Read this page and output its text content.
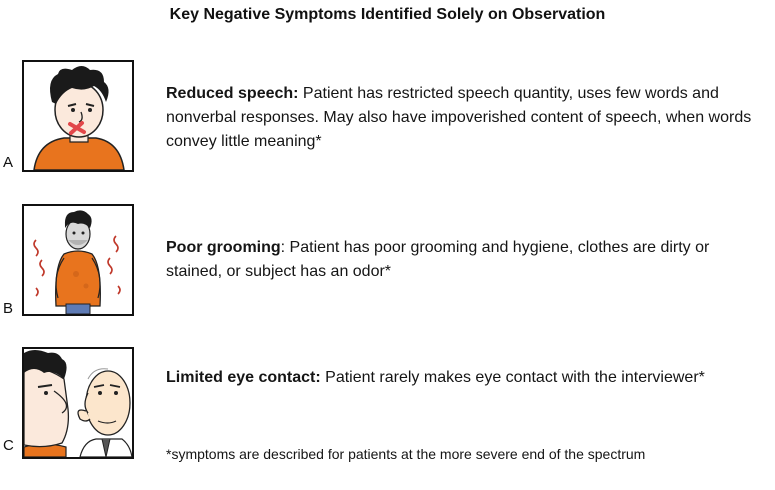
Key Negative Symptoms Identified Solely on Observation
A
Reduced speech: Patient has restricted speech quantity, uses few words and nonverbal responses. May also have impoverished content of speech, when words convey little meaning*
B
Poor grooming: Patient has poor grooming and hygiene, clothes are dirty or stained, or subject has an odor*
C
Limited eye contact: Patient rarely makes eye contact with the interviewer*
*symptoms are described for patients at the more severe end of the spectrum
